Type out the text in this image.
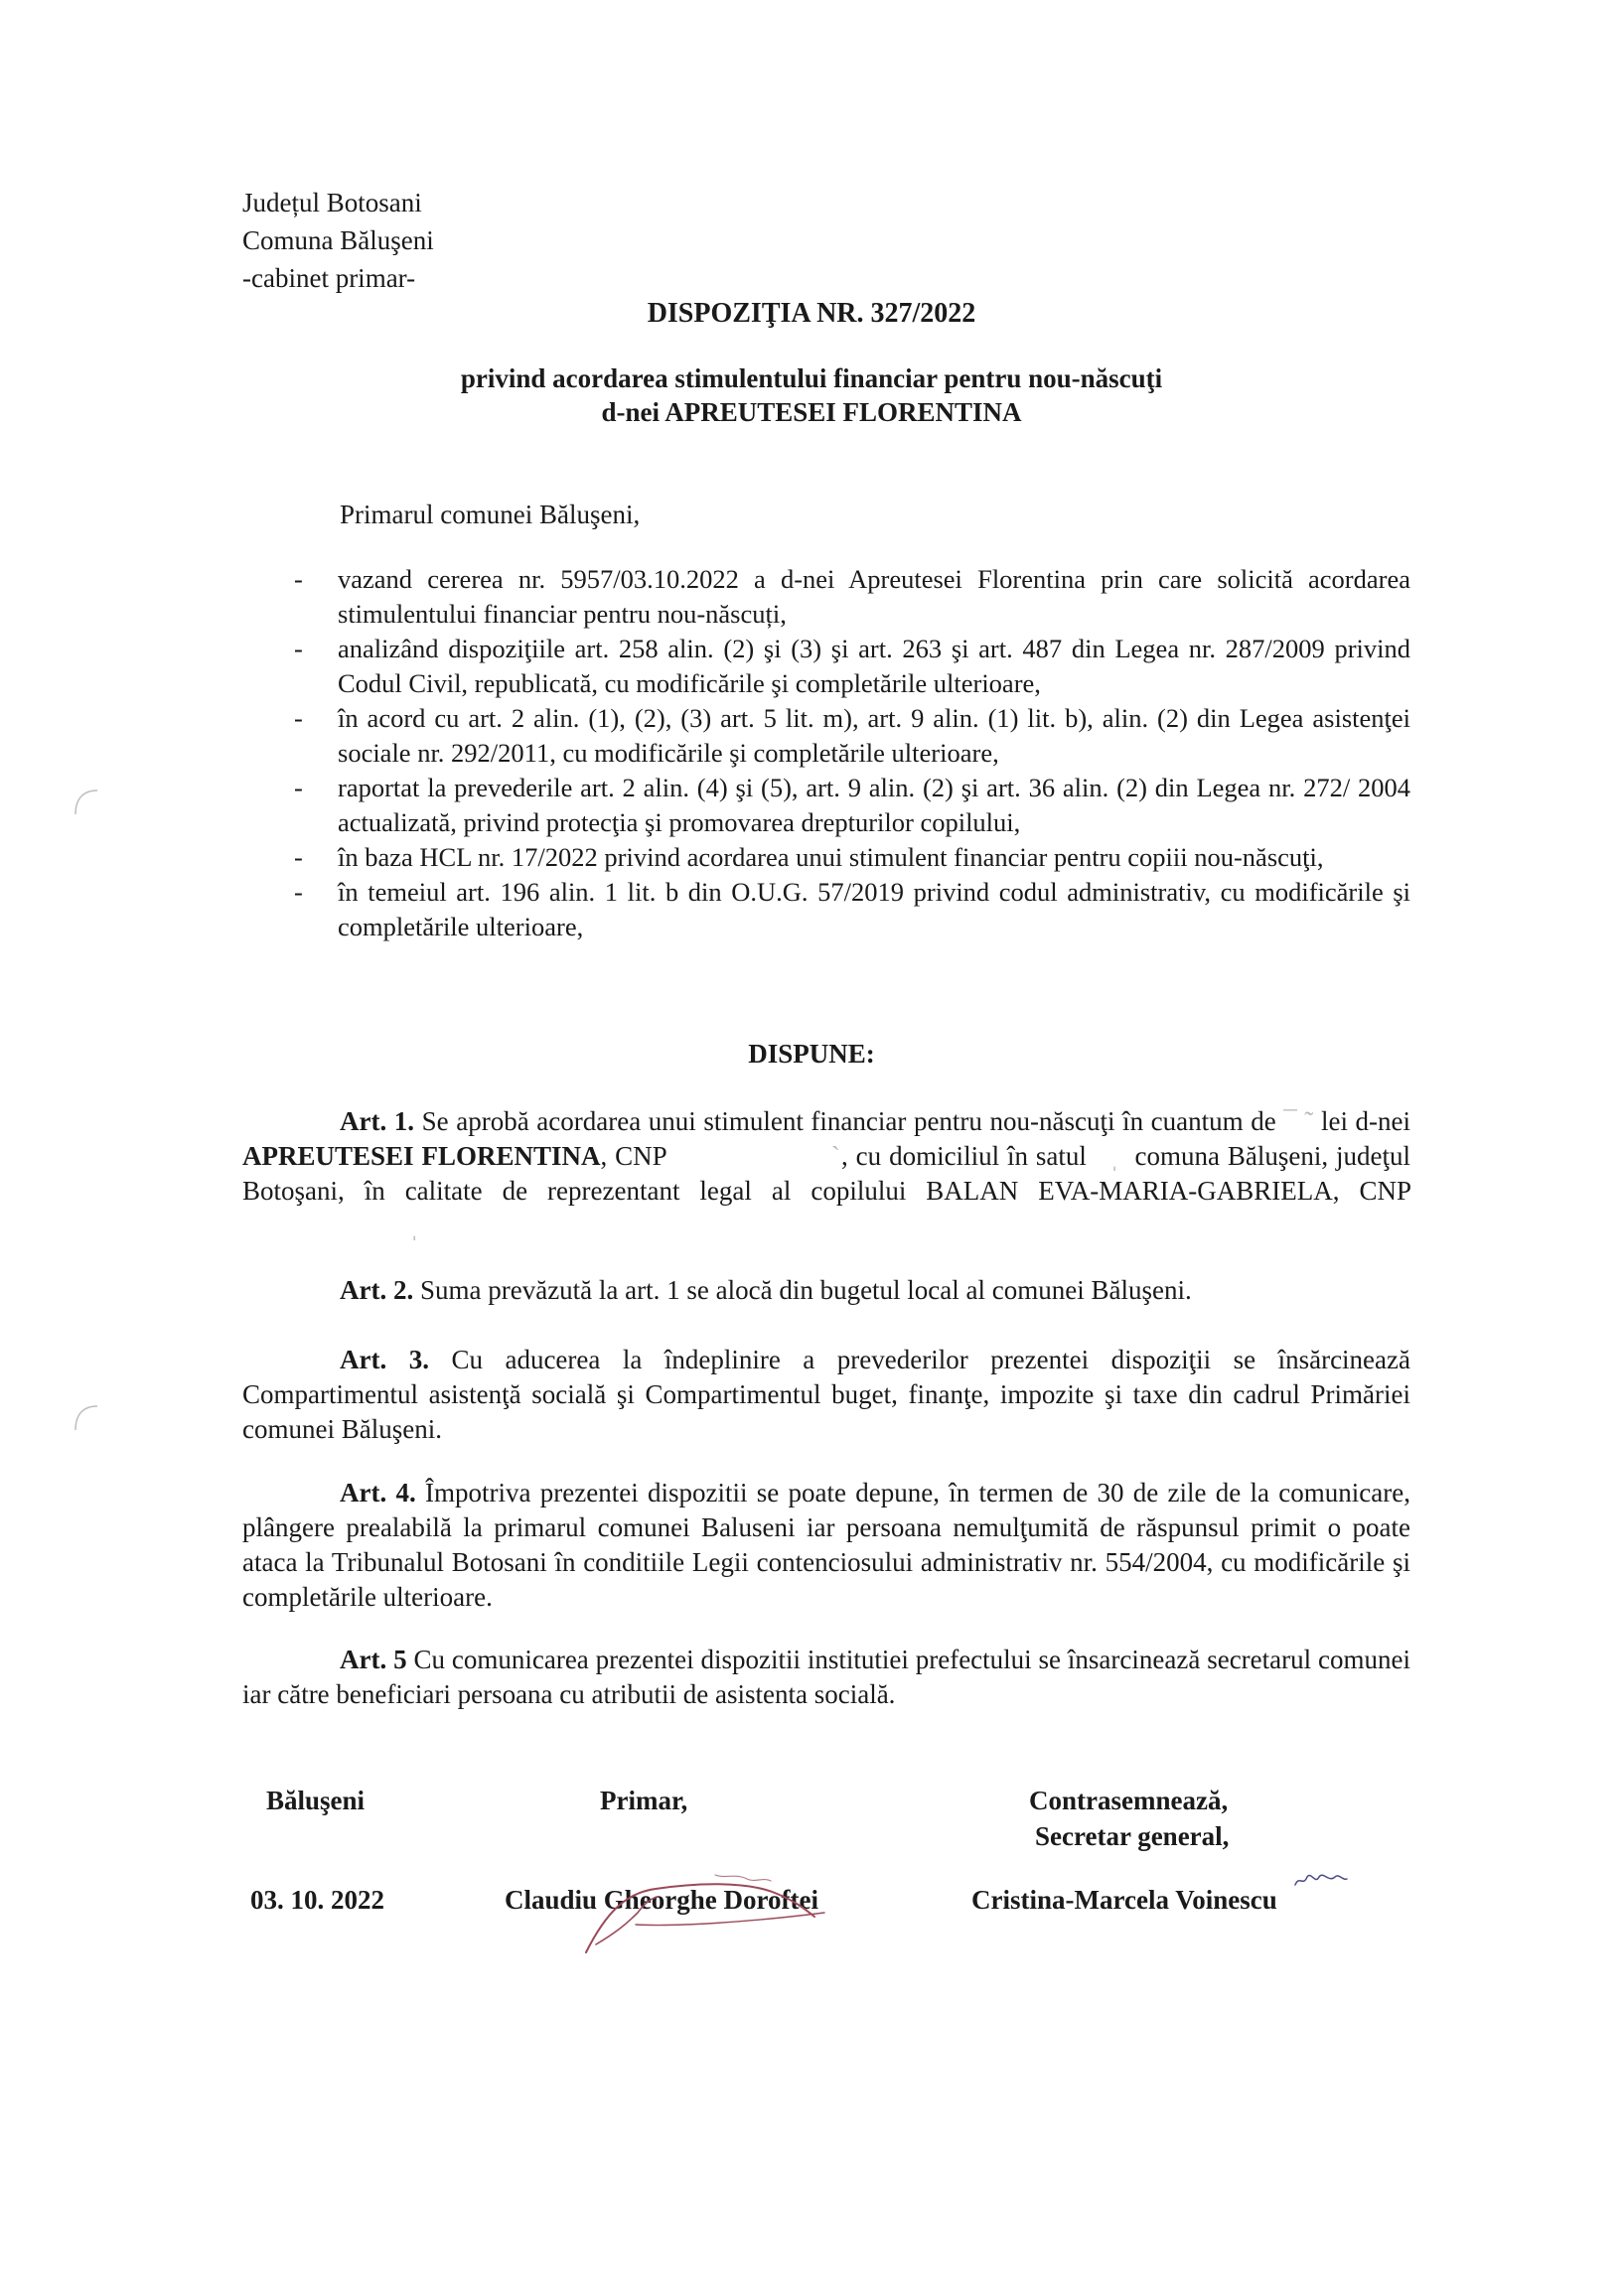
Județul Botosani
Comuna Băluşeni
-cabinet primar-
DISPOZIŢIA NR. 327/2022
privind acordarea stimulentului financiar pentru nou-născuţi
d-nei APREUTESEI FLORENTINA
Primarul comunei Băluşeni,
- vazand cererea nr. 5957/03.10.2022 a d-nei Apreutesei Florentina prin care solicită acordarea stimulentului financiar pentru nou-născuți,
- analizând dispoziţiile art. 258 alin. (2) şi (3) şi art. 263 şi art. 487 din Legea nr. 287/2009 privind Codul Civil, republicată, cu modificările şi completările ulterioare,
- în acord cu art. 2 alin. (1), (2), (3) art. 5 lit. m), art. 9 alin. (1) lit. b), alin. (2) din Legea asistenţei sociale nr. 292/2011, cu modificările şi completările ulterioare,
- raportat la prevederile art. 2 alin. (4) şi (5), art. 9 alin. (2) şi art. 36 alin. (2) din Legea nr. 272/ 2004 actualizată, privind protecţia şi promovarea drepturilor copilului,
- în baza HCL nr. 17/2022 privind acordarea unui stimulent financiar pentru copiii nou-născuţi,
- în temeiul art. 196 alin. 1 lit. b din O.U.G. 57/2019 privind codul administrativ, cu modificările şi completările ulterioare,
DISPUNE:
Art. 1. Se aprobă acordarea unui stimulent financiar pentru nou-născuţi în cuantum de ¯ ˜ lei d-nei APREUTESEI FLORENTINA, CNP                     ˋ, cu domiciliul în satul   ˌ  comuna Băluşeni, judeţul Botoşani, în calitate de reprezentant legal al copilului BALAN EVA-MARIA-GABRIELA, CNP                         ˌ
Art. 2. Suma prevăzută la art. 1 se alocă din bugetul local al comunei Băluşeni.
Art. 3. Cu aducerea la îndeplinire a prevederilor prezentei dispoziţii se însărcinează Compartimentul asistenţă socială şi Compartimentul buget, finanţe, impozite şi taxe din cadrul Primăriei comunei Băluşeni.
Art. 4. Împotriva prezentei dispozitii se poate depune, în termen de 30 de zile de la comunicare, plângere prealabilă la primarul comunei Baluseni iar persoana nemulţumită de răspunsul primit o poate ataca la Tribunalul Botosani în conditiile Legii contenciosului administrativ nr. 554/2004, cu modificările şi completările ulterioare.
Art. 5 Cu comunicarea prezentei dispozitii institutiei prefectului se însarcinează secretarul comunei iar către beneficiari persoana cu atributii de asistenta socială.
Băluşeni	Primar,	Contrasemnează,
Secretar general,
03. 10. 2022	Claudiu Gheorghe Doroftei	Cristina-Marcela Voinescu
